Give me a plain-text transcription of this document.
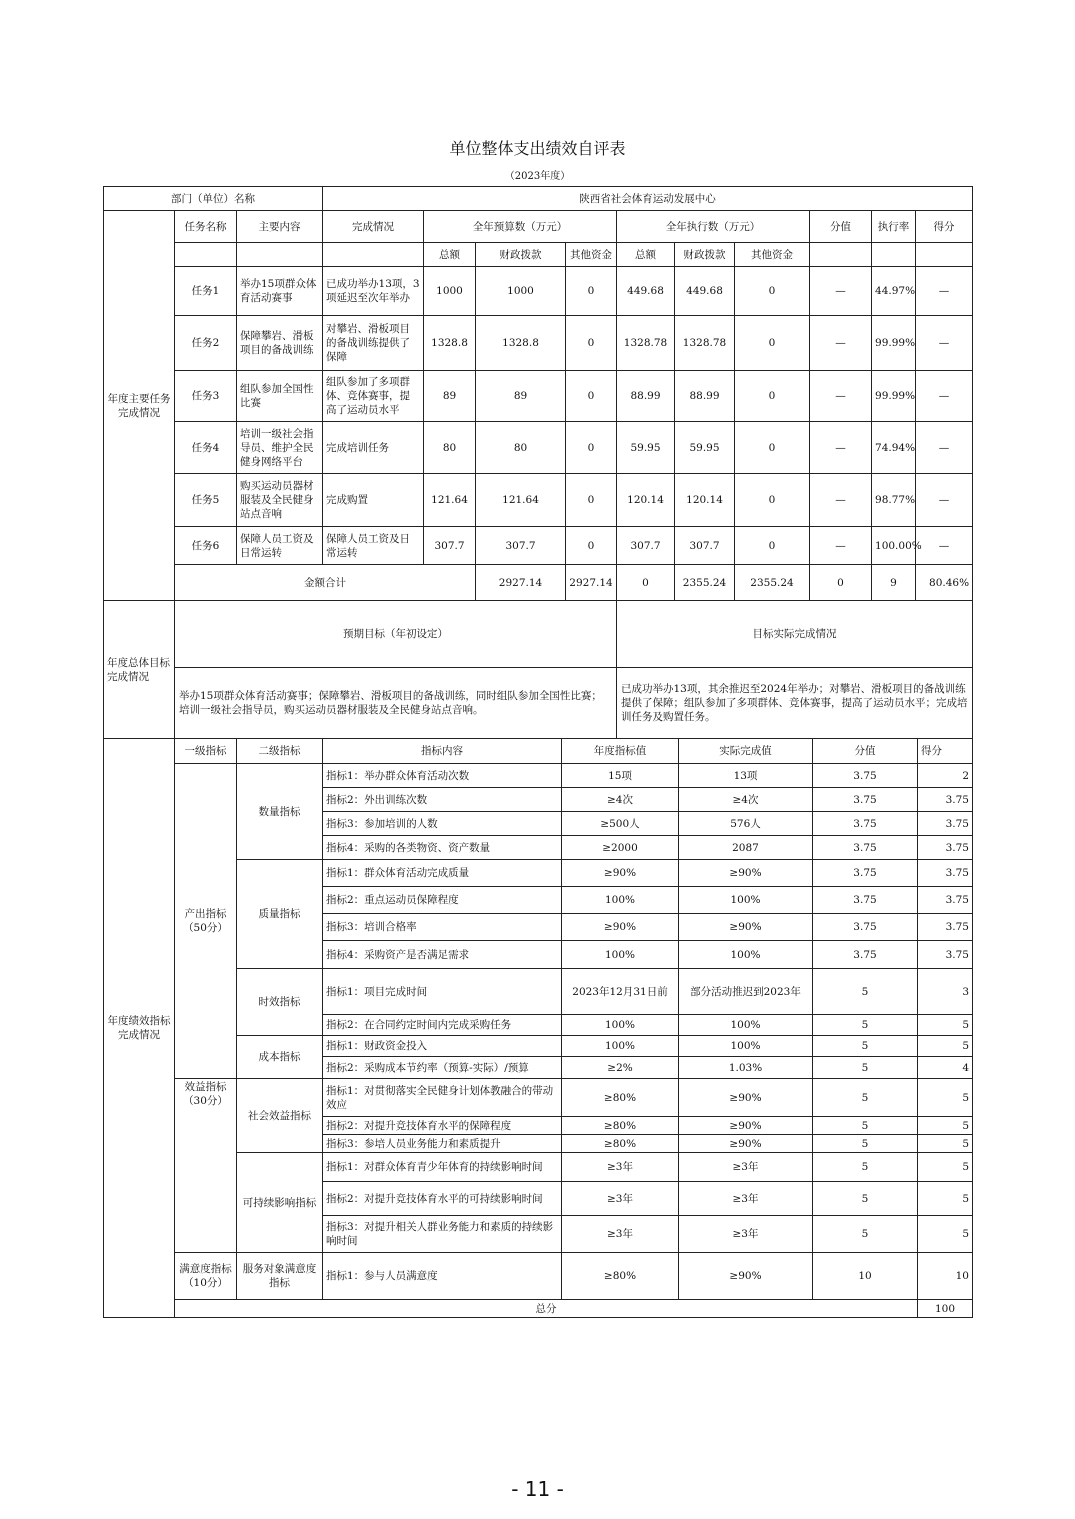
单位整体支出绩效自评表
（2023年度）
部门（单位）名称			陕西省社会体育运动发展中心										
年度主要任务完成情况	任务名称	主要内容	完成情况	全年预算数（万元）			全年执行数（万元）			分值	执行率	得分	
				总额	财政拨款	其他资金	总额	财政拨款	其他资金				
	任务1	举办15项群众体育活动赛事	已成功举办13项，3项延迟至次年举办	1000	1000	0	449.68	449.68	0	—	44.97%	—	
	任务2	保障攀岩、滑板项目的备战训练	对攀岩、滑板项目的备战训练提供了保障	1328.8	1328.8	0	1328.78	1328.78	0	—	99.99%	—	
	任务3	组队参加全国性比赛	组队参加了多项群体、竞体赛事，提高了运动员水平	89	89	0	88.99	88.99	0	—	99.99%	—	
	任务4	培训一级社会指导员、维护全民健身网络平台	完成培训任务	80	80	0	59.95	59.95	0	—	74.94%	—	
	任务5	购买运动员器材服装及全民健身站点音响	完成购置	121.64	121.64	0	120.14	120.14	0	—	98.77%	—	
	任务6	保障人员工资及日常运转	保障人员工资及日常运转	307.7	307.7	0	307.7	307.7	0	—	100.00%	—	
	金额合计				2927.14	2927.14	0	2355.24	2355.24	0	9	80.46%	
年度总体目标完成情况	预期目标（年初设定）	目标实际完成情况
	举办15项群众体育活动赛事；保障攀岩、滑板项目的备战训练，同时组队参加全国性比赛；培训一级社会指导员，购买运动员器材服装及全民健身站点音响。	已成功举办13项，其余推迟至2024年举办；对攀岩、滑板项目的备战训练提供了保障；组队参加了多项群体、竞体赛事，提高了运动员水平；完成培训任务及购置任务。
年度绩效指标完成情况	一级指标	二级指标	指标内容	年度指标值	实际完成值	分值	得分	
	产出指标（50分）	数量指标	指标1：举办群众体育活动次数	15项	13项	3.75	2	
			指标2：外出训练次数	≥4次	≥4次	3.75	3.75	
			指标3：参加培训的人数	≥500人	576人	3.75	3.75	
			指标4：采购的各类物资、资产数量	≥2000	2087	3.75	3.75	
		质量指标	指标1：群众体育活动完成质量	≥90%	≥90%	3.75	3.75	
			指标2：重点运动员保障程度	100%	100%	3.75	3.75	
			指标3：培训合格率	≥90%	≥90%	3.75	3.75	
			指标4：采购资产是否满足需求	100%	100%	3.75	3.75	
		时效指标	指标1：项目完成时间	2023年12月31日前	部分活动推迟到2023年	5	3	
			指标2：在合同约定时间内完成采购任务	100%	100%	5	5	
		成本指标	指标1：财政资金投入	100%	100%	5	5	
			指标2：采购成本节约率（预算-实际）/预算	≥2%	1.03%	5	4	
	效益指标（30分）	社会效益指标	指标1：对贯彻落实全民健身计划体教融合的带动效应	≥80%	≥90%	5	5	
			指标2：对提升竞技体育水平的保障程度	≥80%	≥90%	5	5	
			指标3：参培人员业务能力和素质提升	≥80%	≥90%	5	5	
		可持续影响指标	指标1：对群众体育青少年体育的持续影响时间	≥3年	≥3年	5	5	
			指标2：对提升竞技体育水平的可持续影响时间	≥3年	≥3年	5	5	
			指标3：对提升相关人群业务能力和素质的持续影响时间	≥3年	≥3年	5	5	
	满意度指标（10分）	服务对象满意度指标	指标1：参与人员满意度	≥80%	≥90%	10	10	
	总分						100	
- 11 -
